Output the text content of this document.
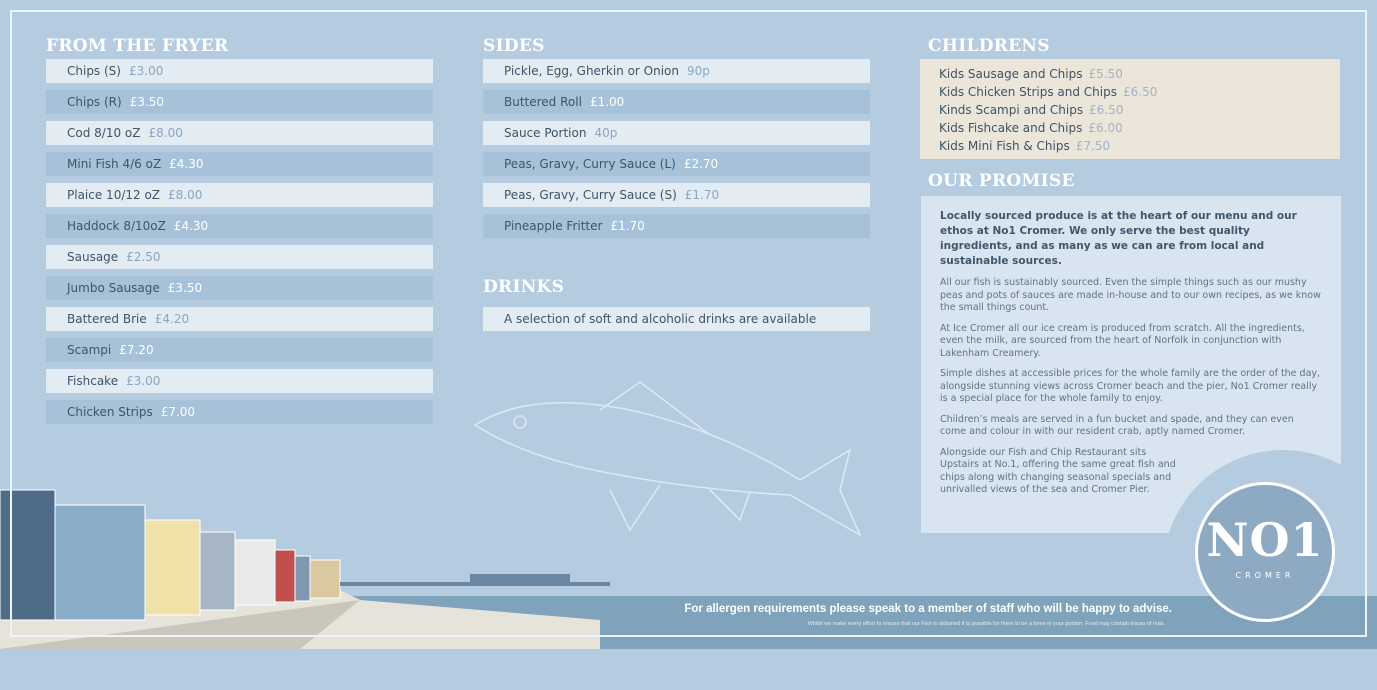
FROM THE FRYER
Chips (S) £3.00
Chips (R) £3.50
Cod 8/10 oZ £8.00
Mini Fish 4/6 oZ £4.30
Plaice 10/12 oZ £8.00
Haddock 8/10oZ £4.30
Sausage £2.50
Jumbo Sausage £3.50
Battered Brie £4.20
Scampi £7.20
Fishcake £3.00
Chicken Strips £7.00
SIDES
Pickle, Egg, Gherkin or Onion 90p
Buttered Roll £1.00
Sauce Portion 40p
Peas, Gravy, Curry Sauce (L) £2.70
Peas, Gravy, Curry Sauce (S) £1.70
Pineapple Fritter £1.70
DRINKS
A selection of soft and alcoholic drinks are available
CHILDRENS
Kids Sausage and Chips £5.50
Kids Chicken Strips and Chips £6.50
Kinds Scampi and Chips £6.50
Kids Fishcake and Chips £6.00
Kids Mini Fish & Chips £7.50
OUR PROMISE

Locally sourced produce is at the heart of our menu and our ethos at No1 Cromer. We only serve the best quality ingredients, and as many as we can are from local and sustainable sources.

All our fish is sustainably sourced. Even the simple things such as our mushy peas and pots of sauces are made in-house and to our own recipes, as we know the small things count.

At Ice Cromer all our ice cream is produced from scratch. All the ingredients, even the milk, are sourced from the heart of Norfolk in conjunction with Lakenham Creamery.

Simple dishes at accessible prices for the whole family are the order of the day, alongside stunning views across Cromer beach and the pier, No1 Cromer really is a special place for the whole family to enjoy.

Children’s meals are served in a fun bucket and spade, and they can even come and colour in with our resident crab, aptly named Cromer.

Alongside our Fish and Chip Restaurant sits Upstairs at No.1, offering the same great fish and chips along with changing seasonal specials and unrivalled views of the sea and Cromer Pier.

For allergen requirements please speak to a member of staff who will be happy to advise.
Whilst we make every effort to ensure that our Fish is deboned it is possible for there to be a bone in your portion. Food may contain traces of nuts.
NO1
CROMER
